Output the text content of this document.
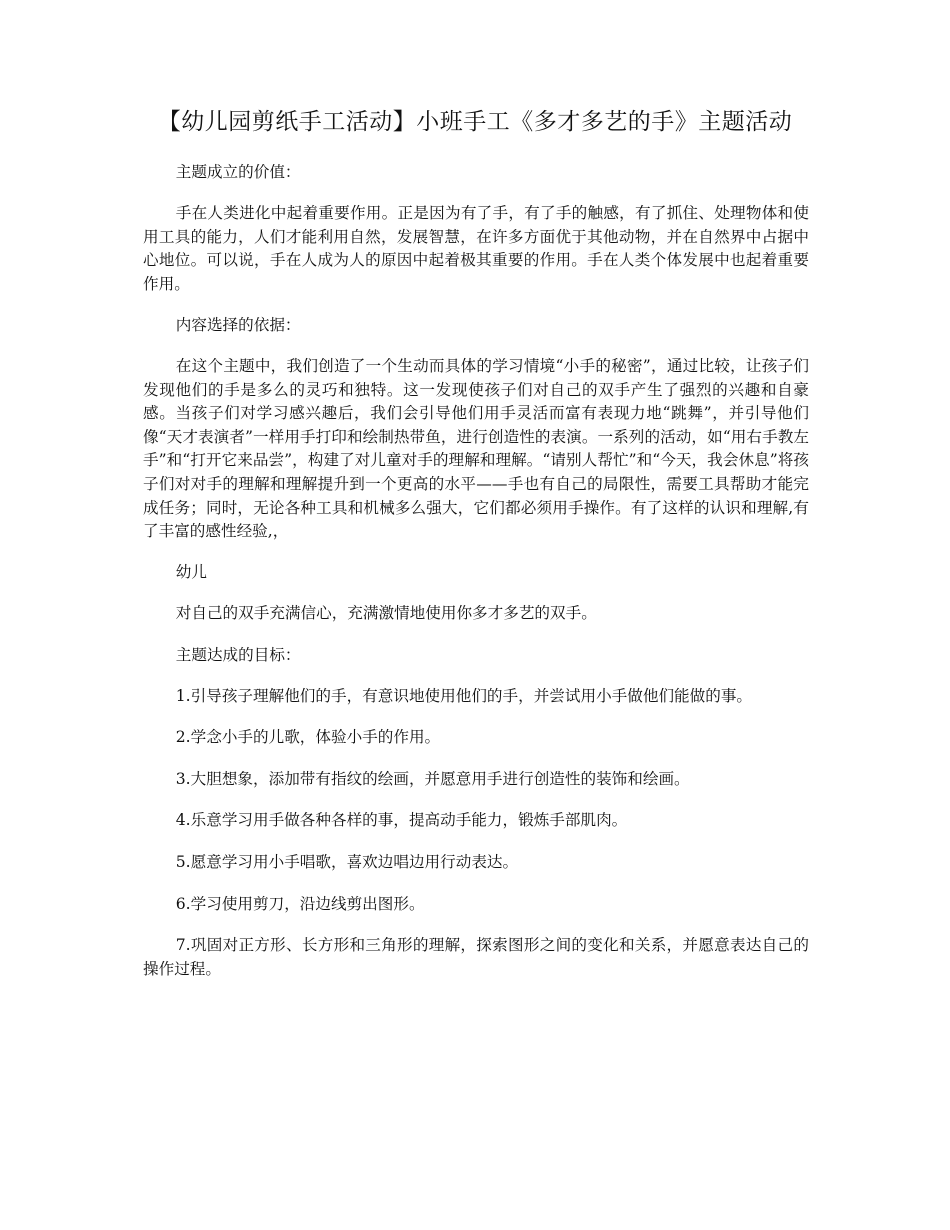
【幼儿园剪纸手工活动】小班手工《多才多艺的手》主题活动

主题成立的价值：

手在人类进化中起着重要作用。正是因为有了手，有了手的触感，有了抓住、处理物体和使用工具的能力，人们才能利用自然，发展智慧，在许多方面优于其他动物，并在自然界中占据中心地位。可以说，手在人成为人的原因中起着极其重要的作用。手在人类个体发展中也起着重要作用。

内容选择的依据：

在这个主题中，我们创造了一个生动而具体的学习情境“小手的秘密”，通过比较，让孩子们发现他们的手是多么的灵巧和独特。这一发现使孩子们对自己的双手产生了强烈的兴趣和自豪感。当孩子们对学习感兴趣后，我们会引导他们用手灵活而富有表现力地“跳舞”，并引导他们像“天才表演者”一样用手打印和绘制热带鱼，进行创造性的表演。一系列的活动，如“用右手教左手”和“打开它来品尝”，构建了对儿童对手的理解和理解。“请别人帮忙”和“今天，我会休息”将孩子们对对手的理解和理解提升到一个更高的水平——手也有自己的局限性，需要工具帮助才能完成任务；同时，无论各种工具和机械多么强大，它们都必须用手操作。有了这样的认识和理解,有了丰富的感性经验,，

幼儿

对自己的双手充满信心，充满激情地使用你多才多艺的双手。

主题达成的目标：

1.引导孩子理解他们的手，有意识地使用他们的手，并尝试用小手做他们能做的事。

2.学念小手的儿歌，体验小手的作用。

3.大胆想象，添加带有指纹的绘画，并愿意用手进行创造性的装饰和绘画。

4.乐意学习用手做各种各样的事，提高动手能力，锻炼手部肌肉。

5.愿意学习用小手唱歌，喜欢边唱边用行动表达。

6.学习使用剪刀，沿边线剪出图形。

7.巩固对正方形、长方形和三角形的理解，探索图形之间的变化和关系，并愿意表达自己的操作过程。
